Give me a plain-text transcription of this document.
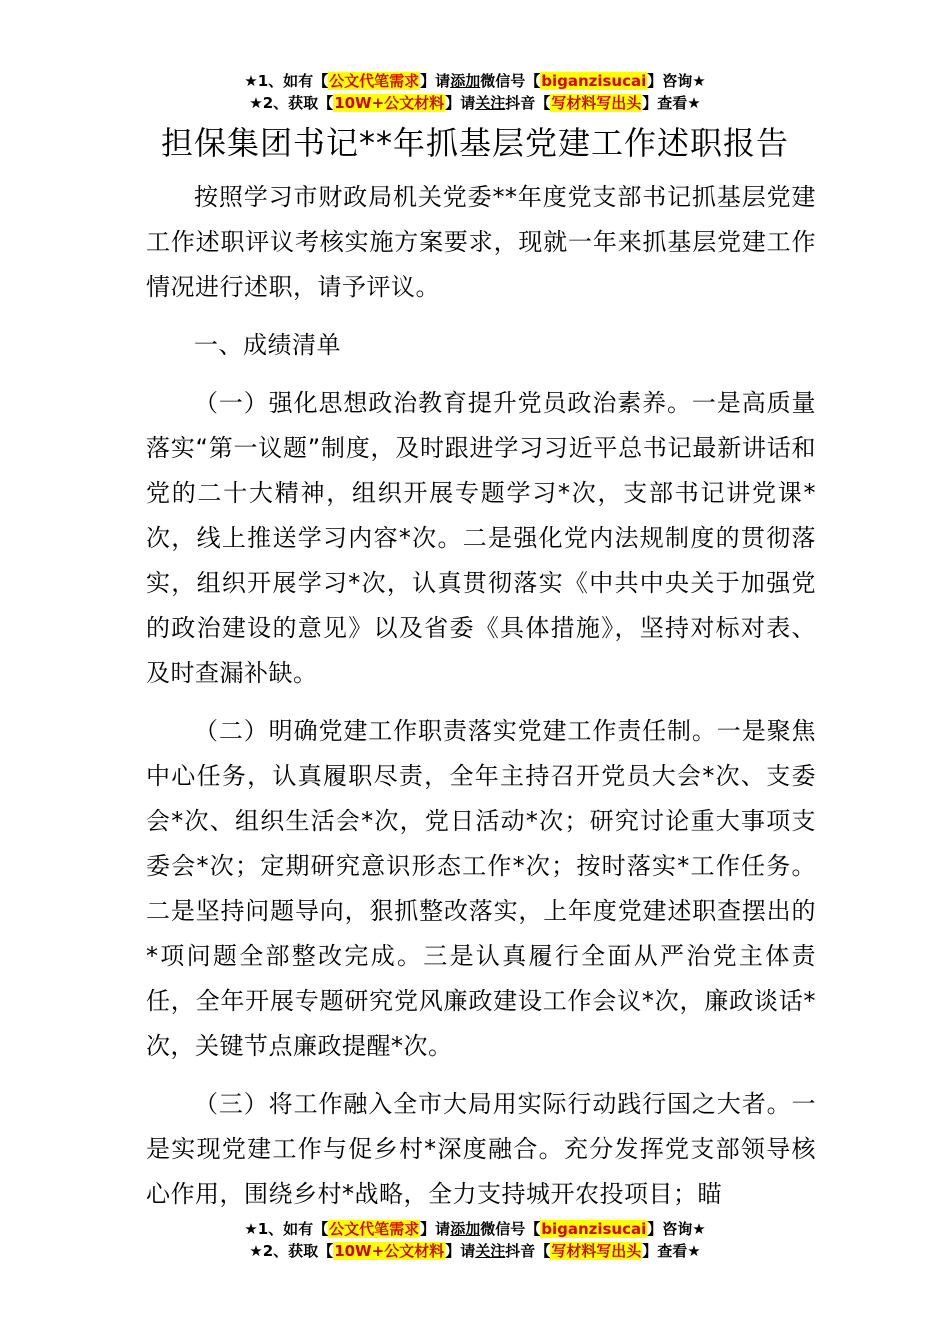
★1、如有【公文代笔需求】请添加微信号【biganzisucai】咨询★
★2、获取【10W+公文材料】请关注抖音【写材料写出头】查看★
担保集团书记**年抓基层党建工作述职报告

按照学习市财政局机关党委**年度党支部书记抓基层党建工作述职评议考核实施方案要求，现就一年来抓基层党建工作情况进行述职，请予评议。

一、成绩清单

（一）强化思想政治教育提升党员政治素养。一是高质量落实“第一议题”制度，及时跟进学习习近平总书记最新讲话和党的二十大精神，组织开展专题学习*次，支部书记讲党课*次，线上推送学习内容*次。二是强化党内法规制度的贯彻落实，组织开展学习*次，认真贯彻落实《中共中央关于加强党的政治建设的意见》以及省委《具体措施》，坚持对标对表、及时查漏补缺。

（二）明确党建工作职责落实党建工作责任制。一是聚焦中心任务，认真履职尽责，全年主持召开党员大会*次、支委会*次、组织生活会*次，党日活动*次；研究讨论重大事项支委会*次；定期研究意识形态工作*次；按时落实*工作任务。二是坚持问题导向，狠抓整改落实，上年度党建述职查摆出的*项问题全部整改完成。三是认真履行全面从严治党主体责任，全年开展专题研究党风廉政建设工作会议*次，廉政谈话*次，关键节点廉政提醒*次。

（三）将工作融入全市大局用实际行动践行国之大者。一是实现党建工作与促乡村*深度融合。充分发挥党支部领导核心作用，围绕乡村*战略，全力支持城开农投项目；瞄

★1、如有【公文代笔需求】请添加微信号【biganzisucai】咨询★
★2、获取【10W+公文材料】请关注抖音【写材料写出头】查看★
